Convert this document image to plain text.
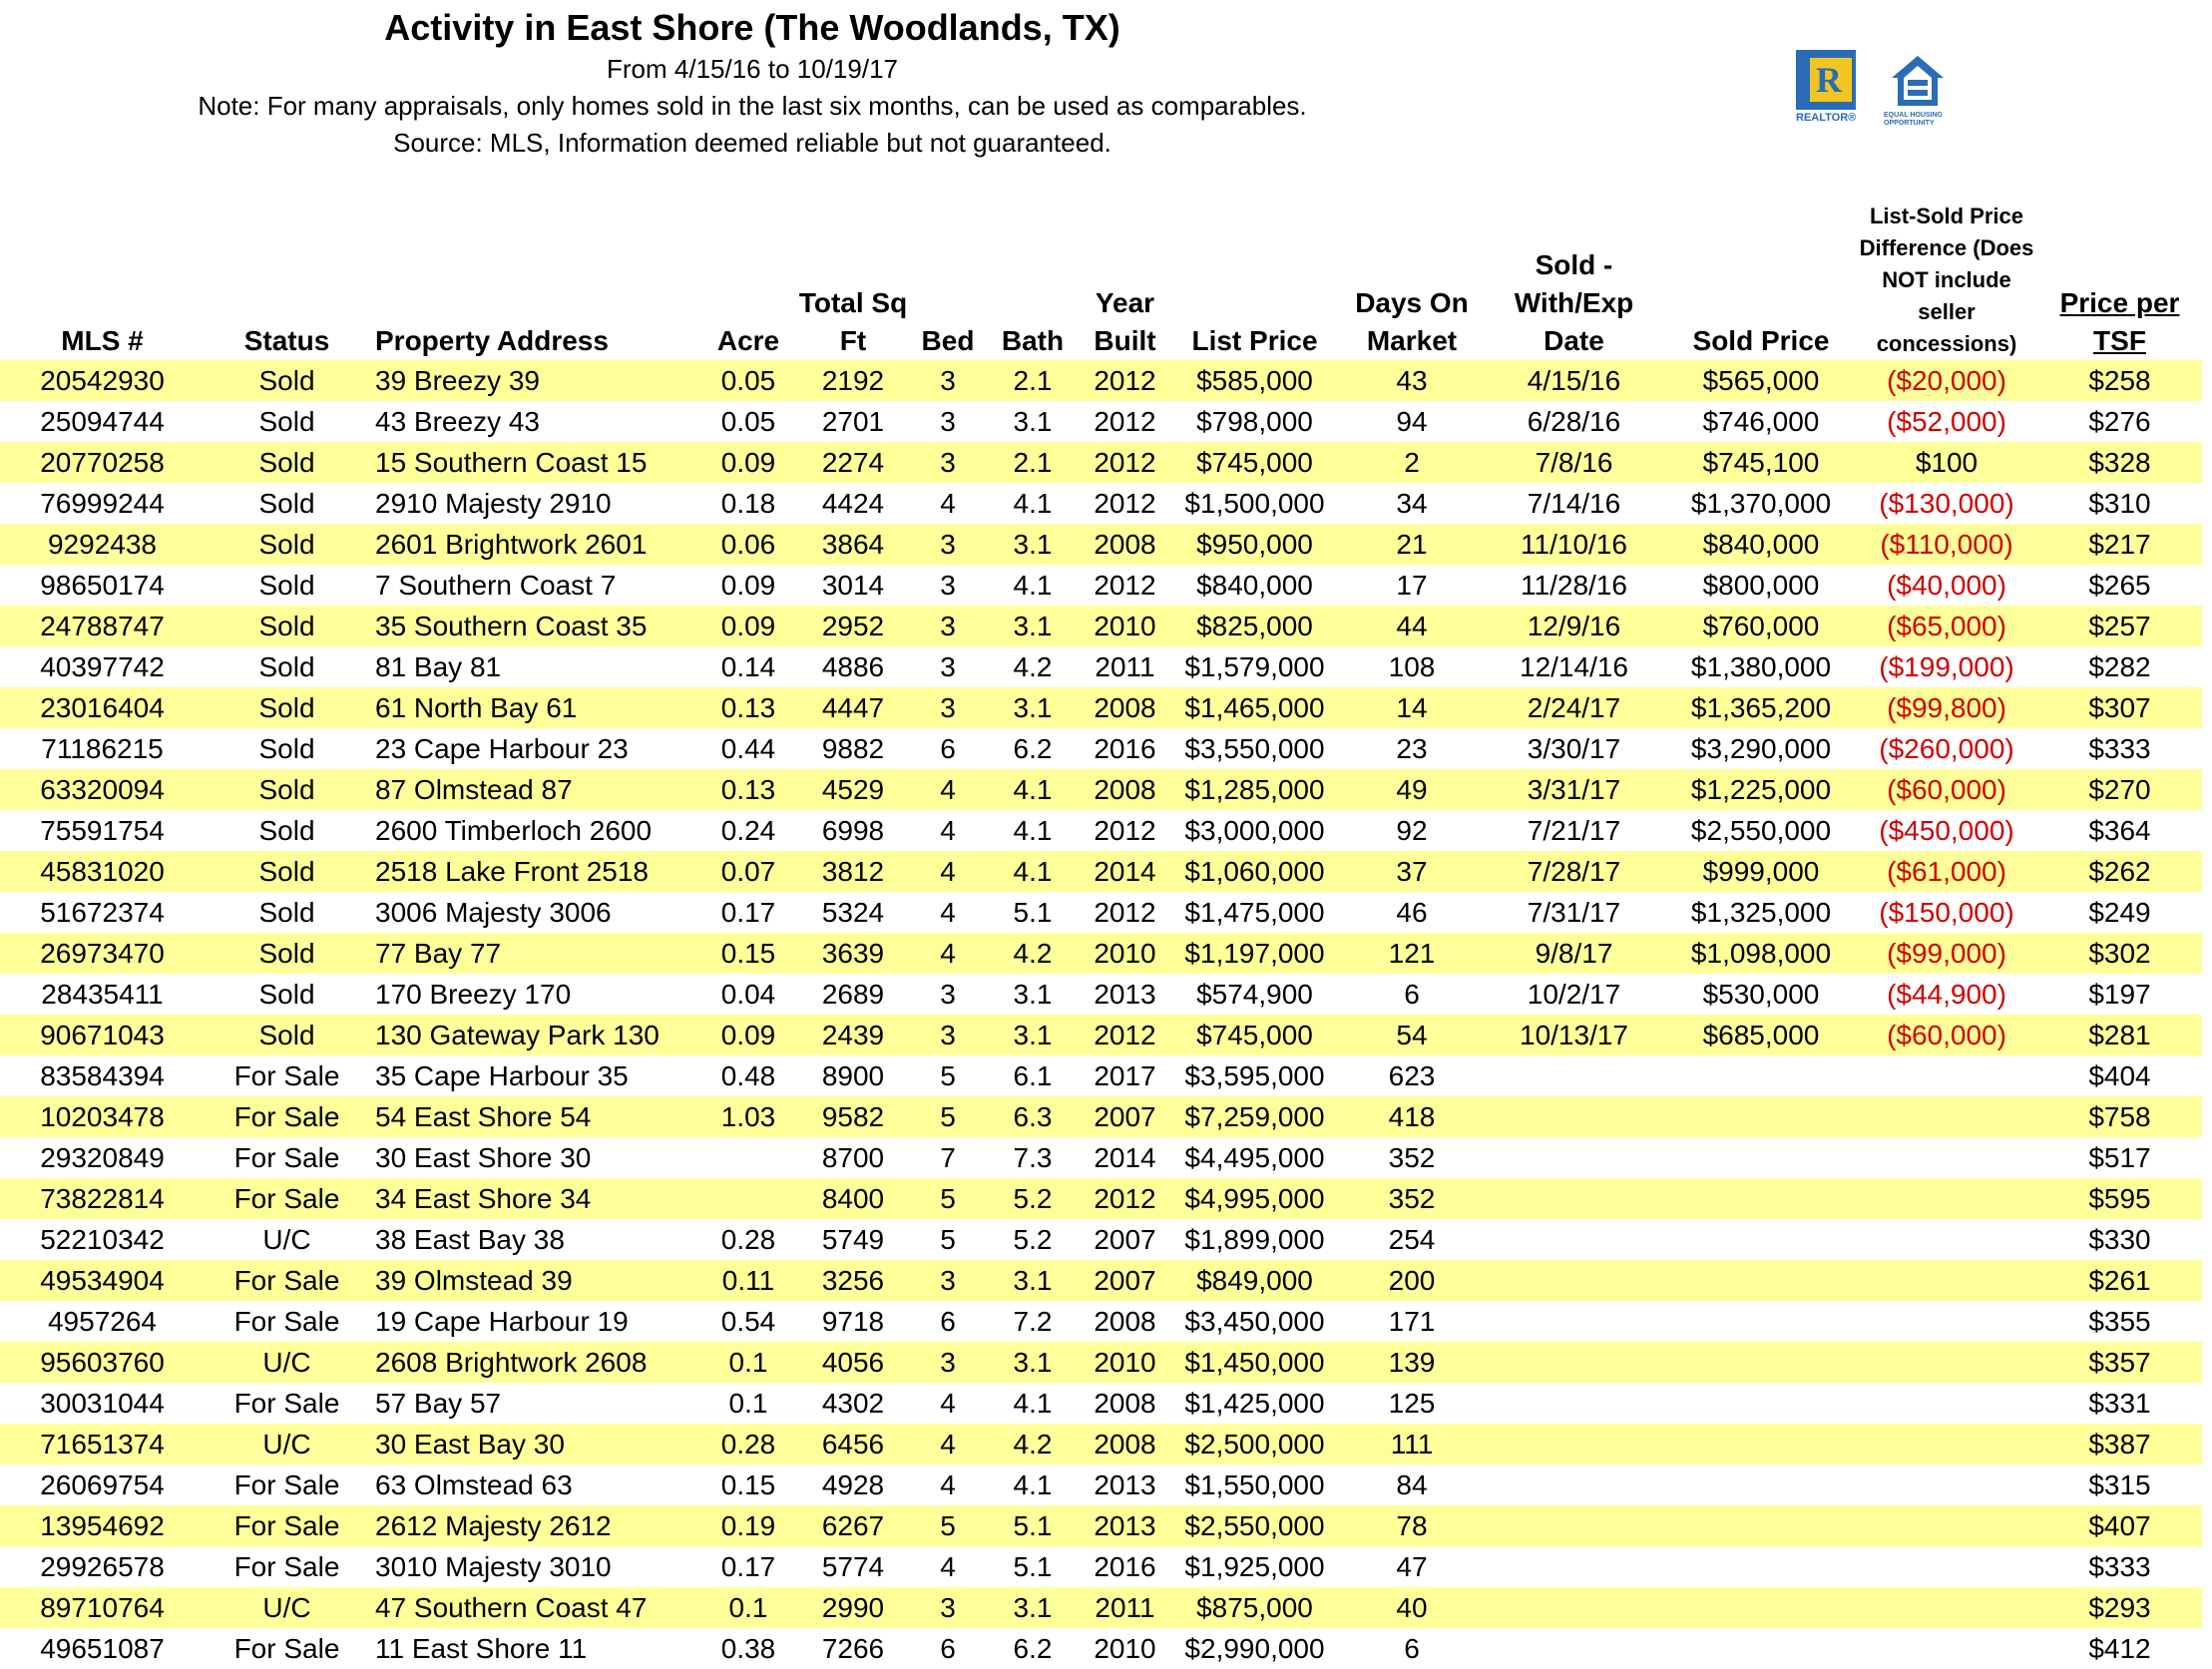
Activity in East Shore (The Woodlands, TX)
From 4/15/16 to 10/19/17
Note: For many appraisals, only homes sold in the last six months, can be used as comparables.
Source: MLS, Information deemed reliable but not guaranteed.
R
REALTOR®	EQUAL HOUSING OPPORTUNITY
MLS #	Status	Property Address	Acre	Total Sq Ft	Bed	Bath	Year Built	List Price	Days On Market	Sold - With/Exp Date	Sold Price	List-Sold Price Difference (Does NOT include seller concessions)	Price per TSF
20542930	Sold	39 Breezy 39	0.05	2192	3	2.1	2012	$585,000	43	4/15/16	$565,000	($20,000)	$258
25094744	Sold	43 Breezy 43	0.05	2701	3	3.1	2012	$798,000	94	6/28/16	$746,000	($52,000)	$276
20770258	Sold	15 Southern Coast 15	0.09	2274	3	2.1	2012	$745,000	2	7/8/16	$745,100	$100	$328
76999244	Sold	2910 Majesty 2910	0.18	4424	4	4.1	2012	$1,500,000	34	7/14/16	$1,370,000	($130,000)	$310
9292438	Sold	2601 Brightwork 2601	0.06	3864	3	3.1	2008	$950,000	21	11/10/16	$840,000	($110,000)	$217
98650174	Sold	7 Southern Coast 7	0.09	3014	3	4.1	2012	$840,000	17	11/28/16	$800,000	($40,000)	$265
24788747	Sold	35 Southern Coast 35	0.09	2952	3	3.1	2010	$825,000	44	12/9/16	$760,000	($65,000)	$257
40397742	Sold	81 Bay 81	0.14	4886	3	4.2	2011	$1,579,000	108	12/14/16	$1,380,000	($199,000)	$282
23016404	Sold	61 North Bay 61	0.13	4447	3	3.1	2008	$1,465,000	14	2/24/17	$1,365,200	($99,800)	$307
71186215	Sold	23 Cape Harbour 23	0.44	9882	6	6.2	2016	$3,550,000	23	3/30/17	$3,290,000	($260,000)	$333
63320094	Sold	87 Olmstead 87	0.13	4529	4	4.1	2008	$1,285,000	49	3/31/17	$1,225,000	($60,000)	$270
75591754	Sold	2600 Timberloch 2600	0.24	6998	4	4.1	2012	$3,000,000	92	7/21/17	$2,550,000	($450,000)	$364
45831020	Sold	2518 Lake Front 2518	0.07	3812	4	4.1	2014	$1,060,000	37	7/28/17	$999,000	($61,000)	$262
51672374	Sold	3006 Majesty 3006	0.17	5324	4	5.1	2012	$1,475,000	46	7/31/17	$1,325,000	($150,000)	$249
26973470	Sold	77 Bay 77	0.15	3639	4	4.2	2010	$1,197,000	121	9/8/17	$1,098,000	($99,000)	$302
28435411	Sold	170 Breezy 170	0.04	2689	3	3.1	2013	$574,900	6	10/2/17	$530,000	($44,900)	$197
90671043	Sold	130 Gateway Park 130	0.09	2439	3	3.1	2012	$745,000	54	10/13/17	$685,000	($60,000)	$281
83584394	For Sale	35 Cape Harbour 35	0.48	8900	5	6.1	2017	$3,595,000	623				$404
10203478	For Sale	54 East Shore 54	1.03	9582	5	6.3	2007	$7,259,000	418				$758
29320849	For Sale	30 East Shore 30		8700	7	7.3	2014	$4,495,000	352				$517
73822814	For Sale	34 East Shore 34		8400	5	5.2	2012	$4,995,000	352				$595
52210342	U/C	38 East Bay 38	0.28	5749	5	5.2	2007	$1,899,000	254				$330
49534904	For Sale	39 Olmstead 39	0.11	3256	3	3.1	2007	$849,000	200				$261
4957264	For Sale	19 Cape Harbour 19	0.54	9718	6	7.2	2008	$3,450,000	171				$355
95603760	U/C	2608 Brightwork 2608	0.1	4056	3	3.1	2010	$1,450,000	139				$357
30031044	For Sale	57 Bay 57	0.1	4302	4	4.1	2008	$1,425,000	125				$331
71651374	U/C	30 East Bay 30	0.28	6456	4	4.2	2008	$2,500,000	111				$387
26069754	For Sale	63 Olmstead 63	0.15	4928	4	4.1	2013	$1,550,000	84				$315
13954692	For Sale	2612 Majesty 2612	0.19	6267	5	5.1	2013	$2,550,000	78				$407
29926578	For Sale	3010 Majesty 3010	0.17	5774	4	5.1	2016	$1,925,000	47				$333
89710764	U/C	47 Southern Coast 47	0.1	2990	3	3.1	2011	$875,000	40				$293
49651087	For Sale	11 East Shore 11	0.38	7266	6	6.2	2010	$2,990,000	6				$412
